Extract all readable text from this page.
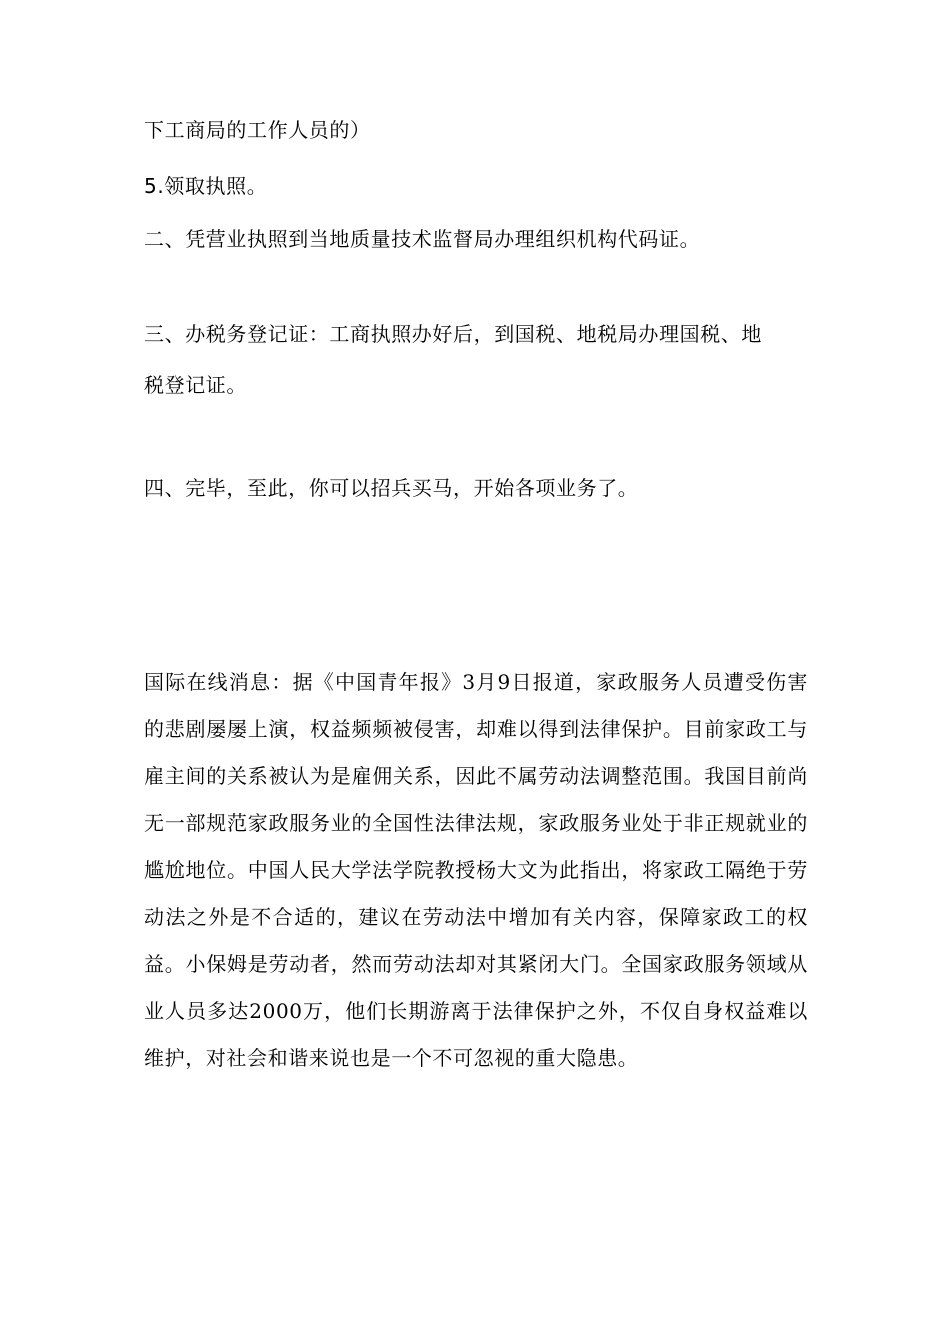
下工商局的工作人员的）
5.领取执照。
二、凭营业执照到当地质量技术监督局办理组织机构代码证。
三、办税务登记证：工商执照办好后，到国税、地税局办理国税、地
税登记证。
四、完毕，至此，你可以招兵买马，开始各项业务了。
国际在线消息：据《中国青年报》3月9日报道，家政服务人员遭受伤害的悲剧屡屡上演，权益频频被侵害，却难以得到法律保护。目前家政工与雇主间的关系被认为是雇佣关系，因此不属劳动法调整范围。我国目前尚无一部规范家政服务业的全国性法律法规，家政服务业处于非正规就业的尴尬地位。中国人民大学法学院教授杨大文为此指出，将家政工隔绝于劳动法之外是不合适的，建议在劳动法中增加有关内容，保障家政工的权益。小保姆是劳动者，然而劳动法却对其紧闭大门。全国家政服务领域从业人员多达2000万，他们长期游离于法律保护之外，不仅自身权益难以维护，对社会和谐来说也是一个不可忽视的重大隐患。
